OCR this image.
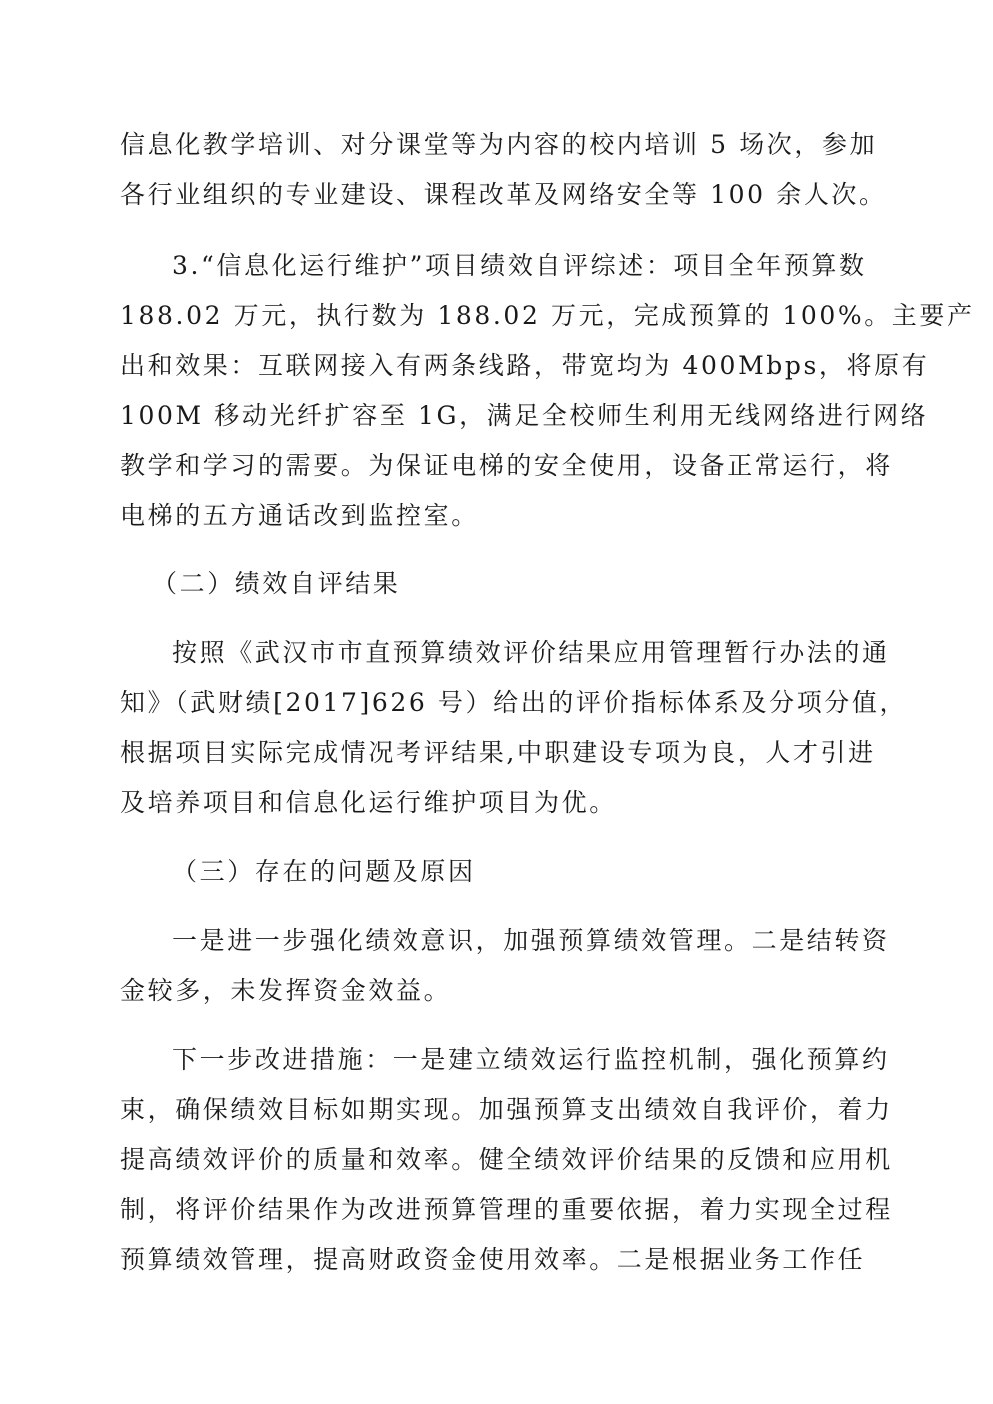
信息化教学培训、对分课堂等为内容的校内培训 5 场次，参加
各行业组织的专业建设、课程改革及网络安全等 100 余人次。
3.“信息化运行维护”项目绩效自评综述：项目全年预算数
188.02 万元，执行数为 188.02 万元，完成预算的 100%。主要产
出和效果：互联网接入有两条线路，带宽均为 400Mbps，将原有
100M 移动光纤扩容至 1G，满足全校师生利用无线网络进行网络
教学和学习的需要。为保证电梯的安全使用，设备正常运行，将
电梯的五方通话改到监控室。
（二）绩效自评结果
按照《武汉市市直预算绩效评价结果应用管理暂行办法的通
知》（武财绩[2017]626 号）给出的评价指标体系及分项分值，
根据项目实际完成情况考评结果,中职建设专项为良，人才引进
及培养项目和信息化运行维护项目为优。
（三）存在的问题及原因
一是进一步强化绩效意识，加强预算绩效管理。二是结转资
金较多，未发挥资金效益。
下一步改进措施：一是建立绩效运行监控机制，强化预算约
束，确保绩效目标如期实现。加强预算支出绩效自我评价，着力
提高绩效评价的质量和效率。健全绩效评价结果的反馈和应用机
制，将评价结果作为改进预算管理的重要依据，着力实现全过程
预算绩效管理，提高财政资金使用效率。二是根据业务工作任
